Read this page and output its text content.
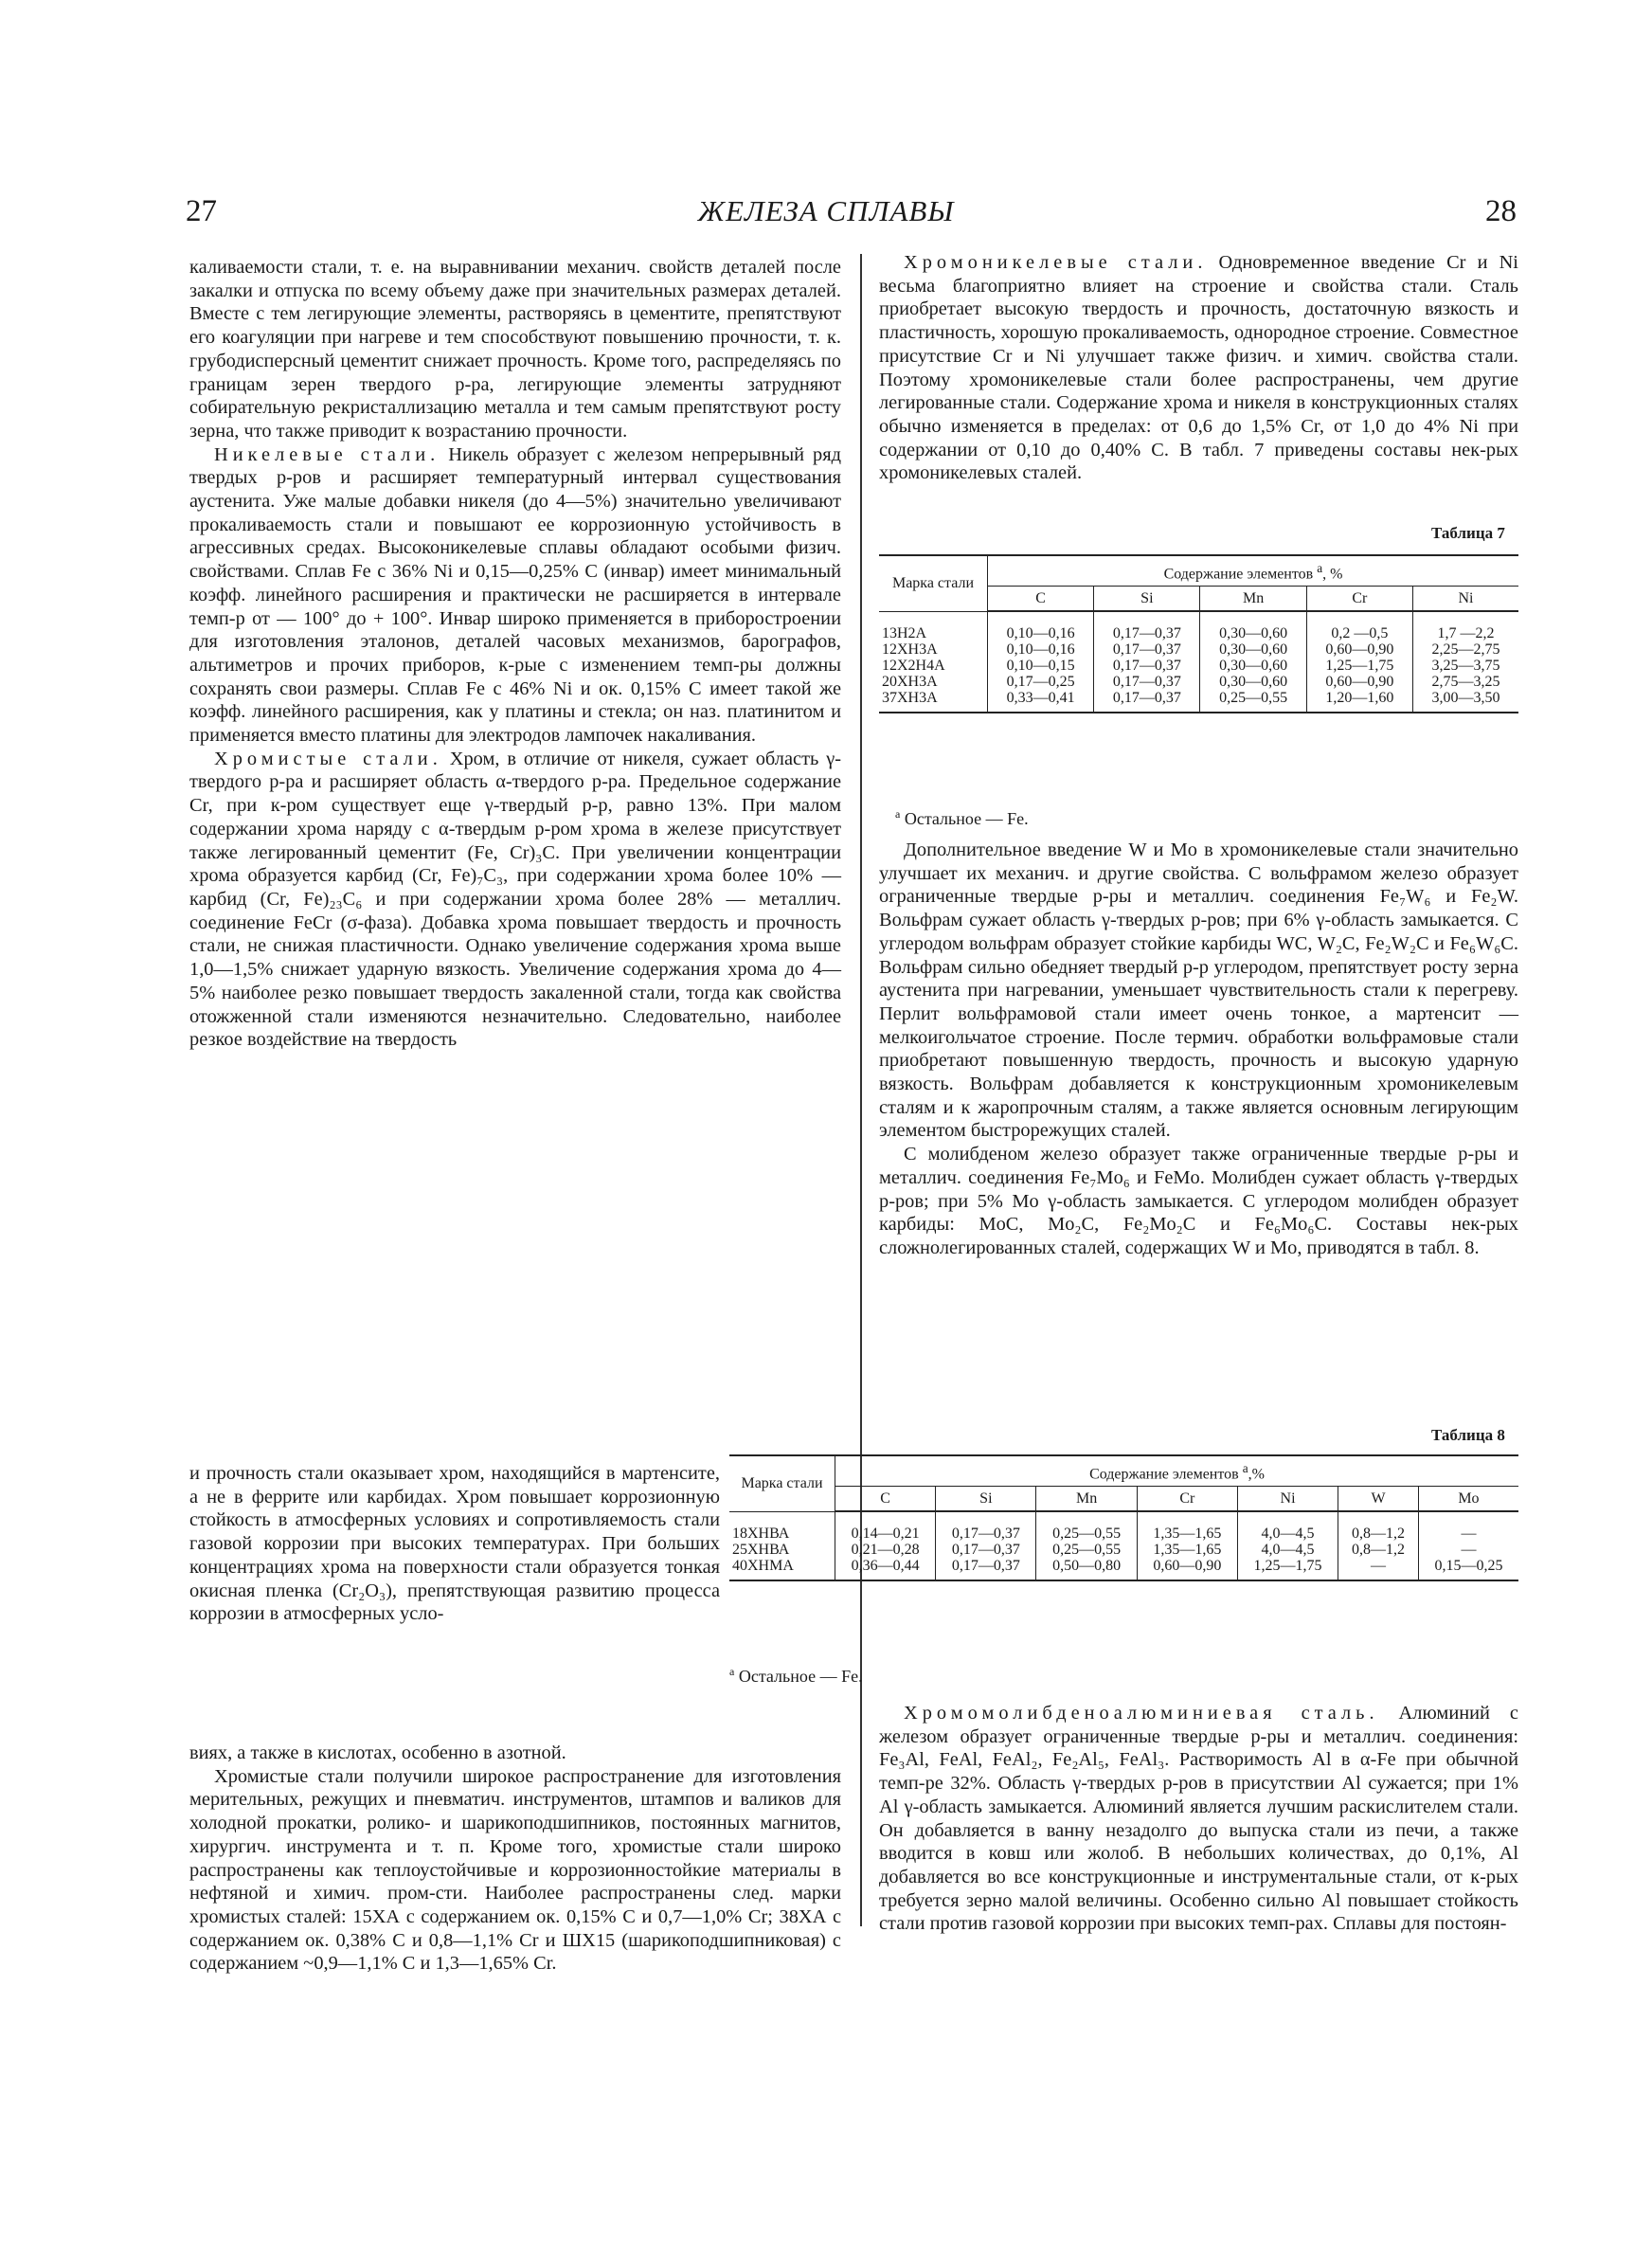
27	ЖЕЛЕЗА СПЛАВЫ	28

каливаемости стали, т. е. на выравнивании механич. свойств деталей после закалки и отпуска по всему объему даже при значительных размерах деталей. Вместе с тем легирующие элементы, растворяясь в цементите, препятствуют его коагуляции при нагреве и тем способствуют повышению прочности, т. к. грубодисперсный цементит снижает прочность. Кроме того, распределяясь по границам зерен твердого р-ра, легирующие элементы затрудняют собирательную рекристаллизацию металла и тем самым препятствуют росту зерна, что также приводит к возрастанию прочности.

Никелевые стали. Никель образует с железом непрерывный ряд твердых р-ров и расширяет температурный интервал существования аустенита. Уже малые добавки никеля (до 4—5%) значительно увеличивают прокаливаемость стали и повышают ее коррозионную устойчивость в агрессивных средах. Высоконикелевые сплавы обладают особыми физич. свойствами. Сплав Fe с 36% Ni и 0,15—0,25% С (инвар) имеет минимальный коэфф. линейного расширения и практически не расширяется в интервале темп-р от — 100° до + 100°. Инвар широко применяется в приборостроении для изготовления эталонов, деталей часовых механизмов, барографов, альтиметров и прочих приборов, к-рые с изменением темп-ры должны сохранять свои размеры. Сплав Fe с 46% Ni и ок. 0,15% С имеет такой же коэфф. линейного расширения, как у платины и стекла; он наз. платинитом и применяется вместо платины для электродов лампочек накаливания.

Хромистые стали. Хром, в отличие от никеля, сужает область γ-твердого р-ра и расширяет область α-твердого р-ра. Предельное содержание Cr, при к-ром существует еще γ-твердый р-р, равно 13%. При малом содержании хрома наряду с α-твердым р-ром хрома в железе присутствует также легированный цементит (Fe, Cr)₃C. При увеличении концентрации хрома образуется карбид (Cr, Fe)₇C₃, при содержании хрома более 10% — карбид (Cr, Fe)₂₃C₆ и при содержании хрома более 28% — металлич. соединение FeCr (σ-фаза). Добавка хрома повышает твердость и прочность стали, не снижая пластичности. Однако увеличение содержания хрома выше 1,0—1,5% снижает ударную вязкость. Увеличение содержания хрома до 4—5% наиболее резко повышает твердость закаленной стали, тогда как свойства отожженной стали изменяются незначительно. Следовательно, наиболее резкое воздействие на твердость

и прочность стали оказывает хром, находящийся в мартенсите, а не в феррите или карбидах. Хром повышает коррозионную стойкость в атмосферных условиях и сопротивляемость стали газовой коррозии при высоких температурах. При больших концентрациях хрома на поверхности стали образуется тонкая окисная пленка (Cr₂O₃), препятствующая развитию процесса коррозии в атмосферных усло-

виях, а также в кислотах, особенно в азотной.

Хромистые стали получили широкое распространение для изготовления мерительных, режущих и пневматич. инструментов, штампов и валиков для холодной прокатки, ролико- и шарикоподшипников, постоянных магнитов, хирургич. инструмента и т. п. Кроме того, хромистые стали широко распространены как теплоустойчивые и коррозионностойкие материалы в нефтяной и химич. пром-сти. Наиболее распространены след. марки хромистых сталей: 15ХА с содержанием ок. 0,15% С и 0,7—1,0% Cr; 38ХА с содержанием ок. 0,38% С и 0,8—1,1% Cr и ШХ15 (шарикоподшипниковая) с содержанием ~0,9—1,1% С и 1,3—1,65% Cr.

Хромоникелевые стали. Одновременное введение Cr и Ni весьма благоприятно влияет на строение и свойства стали. Сталь приобретает высокую твердость и прочность, достаточную вязкость и пластичность, хорошую прокаливаемость, однородное строение. Совместное присутствие Cr и Ni улучшает также физич. и химич. свойства стали. Поэтому хромоникелевые стали более распространены, чем другие легированные стали. Содержание хрома и никеля в конструкционных сталях обычно изменяется в пределах: от 0,6 до 1,5% Cr, от 1,0 до 4% Ni при содержании от 0,10 до 0,40% С. В табл. 7 приведены составы нек-рых хромоникелевых сталей.

Таблица 7
Марка стали	Содержание элементов $^а$, %				
	C	Si	Mn	Cr	Ni
13Н2А	0,10—0,16	0,17—0,37	0,30—0,60	0,2 —0,5	1,7 —2,2
12ХН3А	0,10—0,16	0,17—0,37	0,30—0,60	0,60—0,90	2,25—2,75
12Х2Н4А	0,10—0,15	0,17—0,37	0,30—0,60	1,25—1,75	3,25—3,75
20ХН3А	0,17—0,25	0,17—0,37	0,30—0,60	0,60—0,90	2,75—3,25
37ХН3А	0,33—0,41	0,17—0,37	0,25—0,55	1,20—1,60	3,00—3,50
$^а$ Остальное — Fe.

Дополнительное введение W и Mo в хромоникелевые стали значительно улучшает их механич. и другие свойства. С вольфрамом железо образует ограниченные твердые р-ры и металлич. соединения Fe₇W₆ и Fe₂W. Вольфрам сужает область γ-твердых р-ров; при 6% γ-область замыкается. С углеродом вольфрам образует стойкие карбиды WC, W₂C, Fe₂W₂C и Fe₆W₆C. Вольфрам сильно обедняет твердый р-р углеродом, препятствует росту зерна аустенита при нагревании, уменьшает чувствительность стали к перегреву. Перлит вольфрамовой стали имеет очень тонкое, а мартенсит — мелкоигольчатое строение. После термич. обработки вольфрамовые стали приобретают повышенную твердость, прочность и высокую ударную вязкость. Вольфрам добавляется к конструкционным хромоникелевым сталям и к жаропрочным сталям, а также является основным легирующим элементом быстрорежущих сталей.

С молибденом железо образует также ограниченные твердые р-ры и металлич. соединения Fe₇Mo₆ и FeMo. Молибден сужает область γ-твердых р-ров; при 5% Mo γ-область замыкается. С углеродом молибден образует карбиды: MoC, Mo₂C, Fe₂Mo₂C и Fe₆Mo₆C. Составы нек-рых сложнолегированных сталей, содержащих W и Mo, приводятся в табл. 8.

Таблица 8
Марка стали	Содержание элементов $^а$,%						
	C	Si	Mn	Cr	Ni	W	Mo
18ХНВА	0,14—0,21	0,17—0,37	0,25—0,55	1,35—1,65	4,0—4,5	0,8—1,2	—
25ХНВА	0,21—0,28	0,17—0,37	0,25—0,55	1,35—1,65	4,0—4,5	0,8—1,2	—
40ХНМА	0,36—0,44	0,17—0,37	0,50—0,80	0,60—0,90	1,25—1,75	—	0,15—0,25
$^а$ Остальное — Fe.

Хромомолибденоалюминиевая сталь. Алюминий с железом образует ограниченные твердые р-ры и металлич. соединения: Fe₃Al, FeAl, FeAl₂, Fe₂Al₅, FeAl₃. Растворимость Al в α-Fe при обычной темп-ре 32%. Область γ-твердых р-ров в присутствии Al сужается; при 1% Al γ-область замыкается. Алюминий является лучшим раскислителем стали. Он добавляется в ванну незадолго до выпуска стали из печи, а также вводится в ковш или жолоб. В небольших количествах, до 0,1%, Al добавляется во все конструкционные и инструментальные стали, от к-рых требуется зерно малой величины. Особенно сильно Al повышает стойкость стали против газовой коррозии при высоких темп-рах. Сплавы для постоян-
